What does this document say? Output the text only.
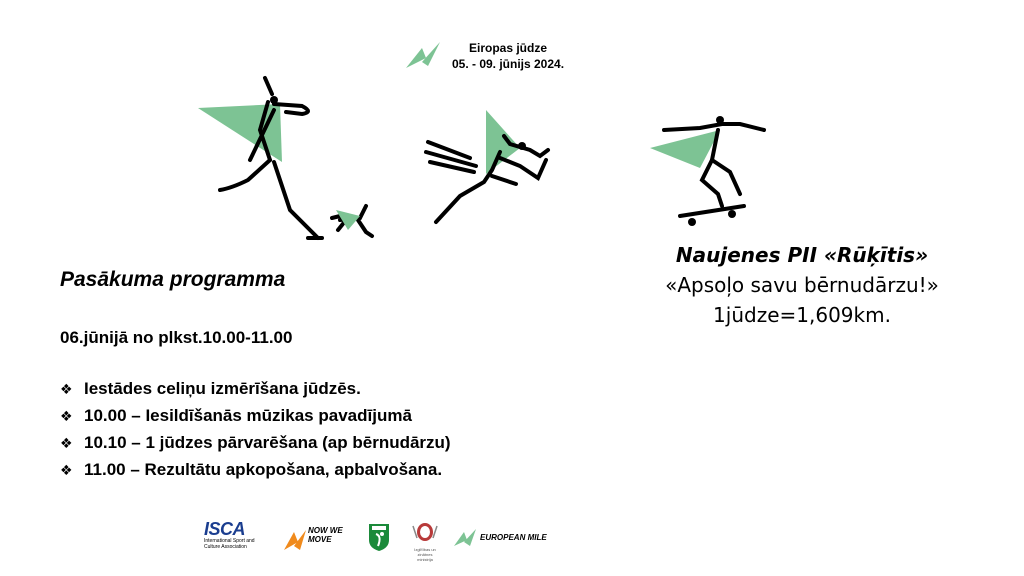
Eiropas jūdze
05. - 09. jūnijs 2024.
Naujenes PII «Rūķītis»
«Apsoļo savu bērnudārzu!»
1jūdze=1,609km.
Pasākuma programma
06.jūnijā no plkst.10.00-11.00
❖ Iestādes celiņu izmērīšana jūdzēs.
❖ 10.00 – Iesildīšanās mūzikas pavadījumā
❖ 10.10 – 1 jūdzes pārvarēšana (ap bērnudārzu)
❖ 11.00 – Rezultātu apkopošana, apbalvošana.
ISCA
International Sport and Culture Association
NOW WE MOVE
Izglītības un zinātnes ministrija
EUROPEAN MILE
